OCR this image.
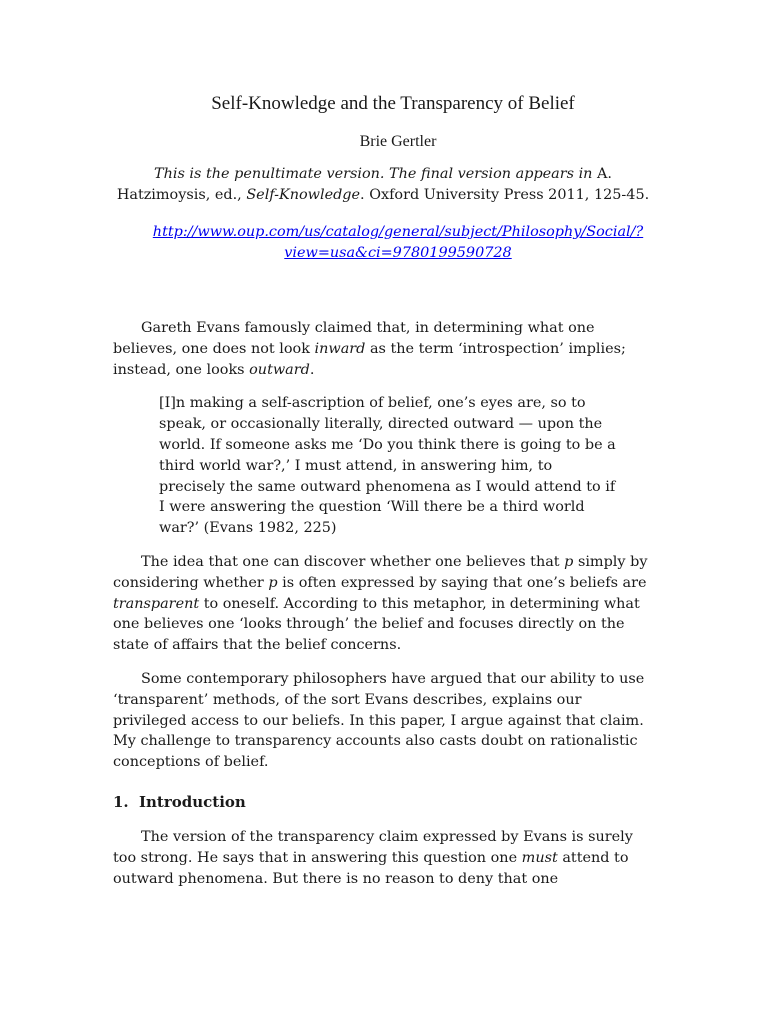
Self-Knowledge and the Transparency of Belief
Brie Gertler
This is the penultimate version. The final version appears in A. Hatzimoysis, ed., Self-Knowledge. Oxford University Press 2011, 125-45.
http://www.oup.com/us/catalog/general/subject/Philosophy/Social/?
view=usa&ci=9780199590728

Gareth Evans famously claimed that, in determining what one believes, one does not look inward as the term ‘introspection’ implies; instead, one looks outward.

[I]n making a self-ascription of belief, one’s eyes are, so to speak, or occasionally literally, directed outward — upon the world. If someone asks me ‘Do you think there is going to be a third world war?,’ I must attend, in answering him, to precisely the same outward phenomena as I would attend to if I were answering the question ‘Will there be a third world war?’ (Evans 1982, 225)

The idea that one can discover whether one believes that p simply by considering whether p is often expressed by saying that one’s beliefs are transparent to oneself. According to this metaphor, in determining what one believes one ‘looks through’ the belief and focuses directly on the state of affairs that the belief concerns.

Some contemporary philosophers have argued that our ability to use ‘transparent’ methods, of the sort Evans describes, explains our privileged access to our beliefs. In this paper, I argue against that claim. My challenge to transparency accounts also casts doubt on rationalistic conceptions of belief.

1. Introduction

The version of the transparency claim expressed by Evans is surely too strong. He says that in answering this question one must attend to outward phenomena. But there is no reason to deny that one
